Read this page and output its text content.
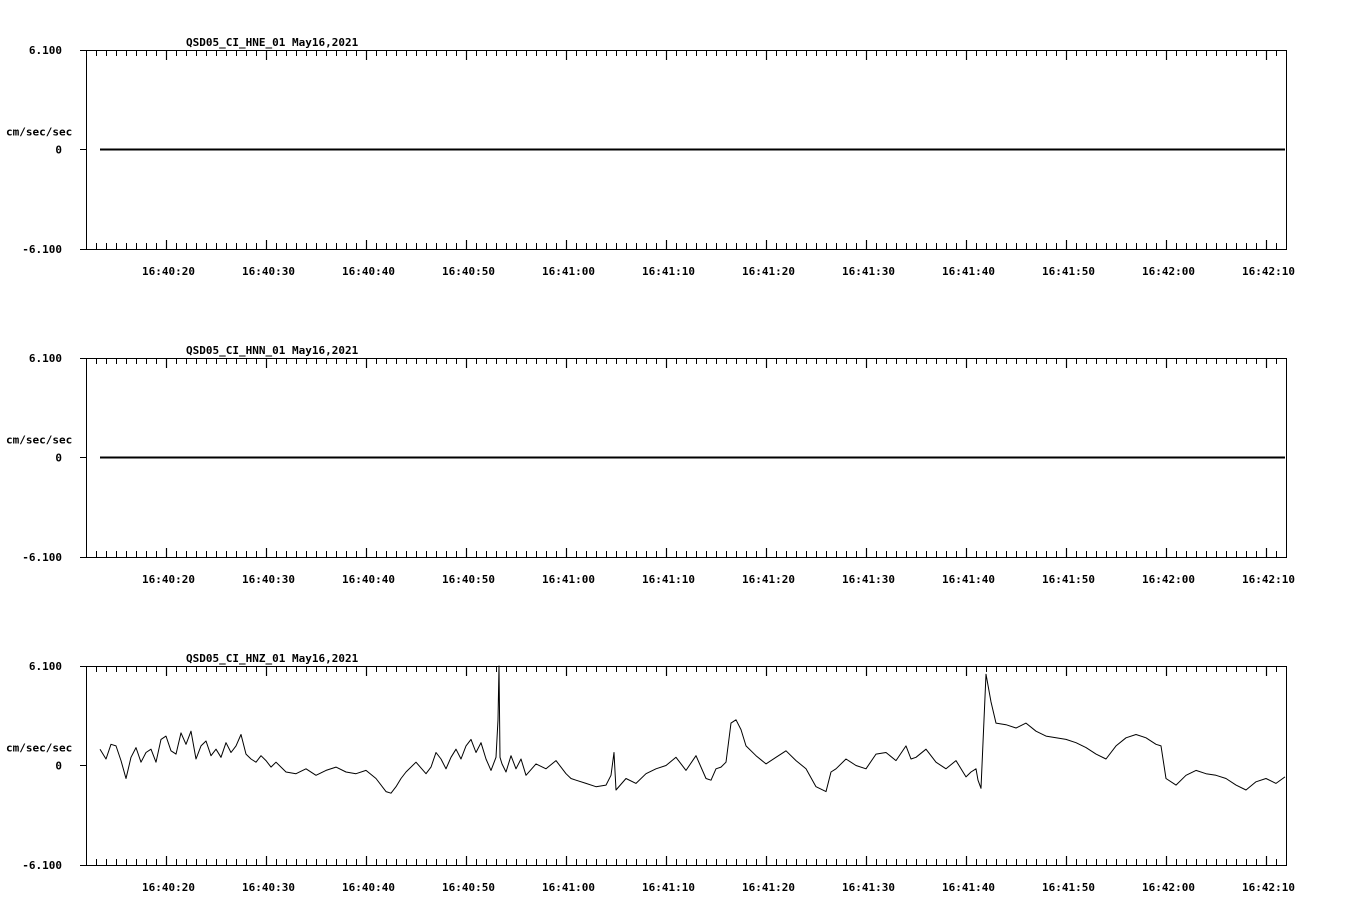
QSD05_CI_HNE_01 May16,2021
6.100
0
-6.100
cm/sec/sec
16:40:20	16:40:30	16:40:40	16:40:50	16:41:00	16:41:10	16:41:20	16:41:30	16:41:40	16:41:50	16:42:00	16:42:10
QSD05_CI_HNN_01 May16,2021
6.100
0
-6.100
cm/sec/sec
16:40:20	16:40:30	16:40:40	16:40:50	16:41:00	16:41:10	16:41:20	16:41:30	16:41:40	16:41:50	16:42:00	16:42:10
QSD05_CI_HNZ_01 May16,2021
6.100
0
-6.100
cm/sec/sec
16:40:20	16:40:30	16:40:40	16:40:50	16:41:00	16:41:10	16:41:20	16:41:30	16:41:40	16:41:50	16:42:00	16:42:10
